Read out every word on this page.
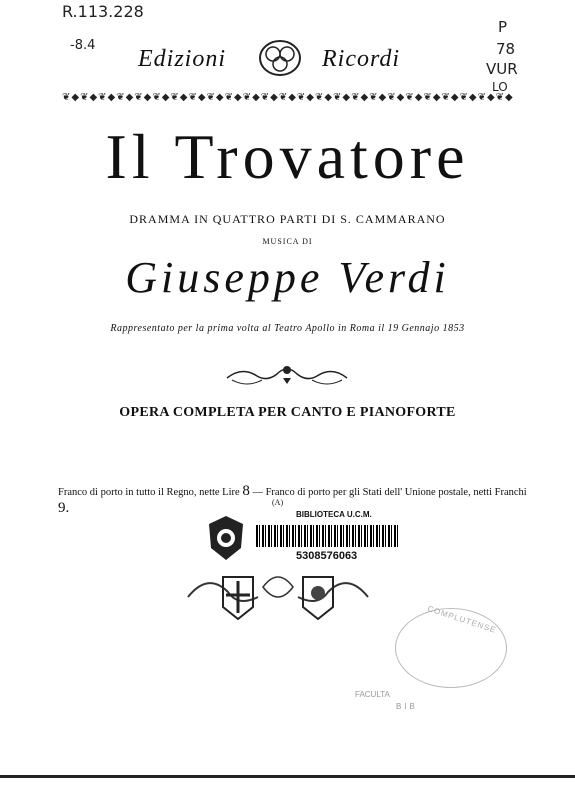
R.113.228
-8.4
P
78
VUR
LO
Edizioni	Ricordi
❦◆❦◆❦◆❦◆❦◆❦◆❦◆❦◆❦◆❦◆❦◆❦◆❦◆❦◆❦◆❦◆❦◆❦◆❦◆❦◆❦◆❦◆❦◆❦◆❦◆
Il Trovatore
DRAMMA IN QUATTRO PARTI DI S. CAMMARANO
MUSICA DI
Giuseppe Verdi
Rappresentato per la prima volta al Teatro Apollo in Roma il 19 Gennajo 1853
OPERA COMPLETA PER CANTO E PIANOFORTE
Franco di porto in tutto il Regno, nette Lire 8 — Franco di porto per gli Stati dell' Unione postale, netti Franchi 9.	(A)
BIBLIOTECA U.C.M.
5308576063
COMPLUTENSE
FACULTA
BIB
